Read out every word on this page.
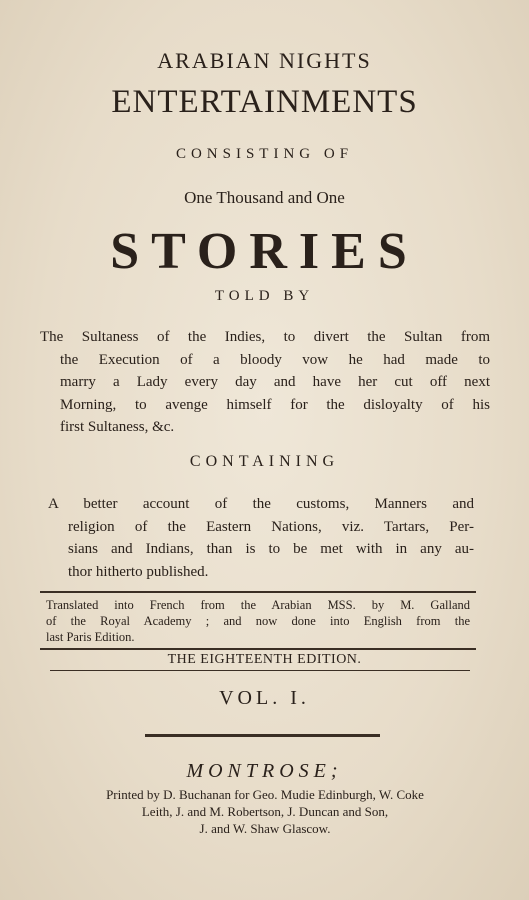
ARABIAN NIGHTS
ENTERTAINMENTS
CONSISTING OF
One Thousand and One
STORIES
TOLD BY
The Sultaness of the Indies, to divert the Sultan from
the Execution of a bloody vow he had made to
marry a Lady every day and have her cut off next
Morning, to avenge himself for the disloyalty of his
first Sultaness, &c.
CONTAINING
A better account of the customs, Manners and
religion of the Eastern Nations, viz. Tartars, Per-
sians and Indians, than is to be met with in any au-
thor hitherto published.
Translated into French from the Arabian MSS. by M. Galland
of the Royal Academy ; and now done into English from the
last Paris Edition.
THE EIGHTEENTH EDITION.
VOL. I.
MONTROSE;
Printed by D. Buchanan for Geo. Mudie Edinburgh, W. Coke
Leith, J. and M. Robertson, J. Duncan and Son,
J. and W. Shaw Glascow.
